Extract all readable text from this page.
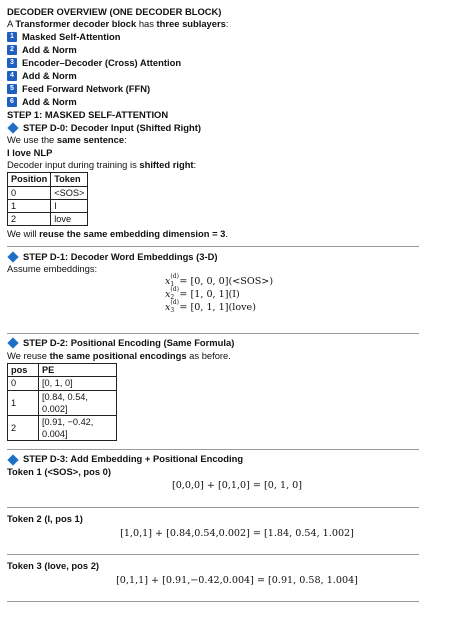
DECODER OVERVIEW (ONE DECODER BLOCK)
A Transformer decoder block has three sublayers:
1 Masked Self-Attention
2 Add & Norm
3 Encoder–Decoder (Cross) Attention
4 Add & Norm
5 Feed Forward Network (FFN)
6 Add & Norm
STEP 1: MASKED SELF-ATTENTION
STEP D-0: Decoder Input (Shifted Right)
We use the same sentence:
I love NLP
Decoder input during training is shifted right:
Position	Token
0	<SOS>
1	I
2	love
We will reuse the same embedding dimension = 3.
STEP D-1: Decoder Word Embeddings (3-D)
Assume embeddings:
x (d)
1 = [0, 0, 0](<SOS>)
x (d)
2 = [1, 0, 1](I)
x (d)
3 = [0, 1, 1](love)
STEP D-2: Positional Encoding (Same Formula)
We reuse the same positional encodings as before.
pos	PE
0	[0, 1, 0]
1	[0.84, 0.54, 0.002]
2	[0.91, −0.42, 0.004]
STEP D-3: Add Embedding + Positional Encoding
Token 1 (<SOS>, pos 0)
[0,0,0] + [0,1,0] = [0, 1, 0]
Token 2 (I, pos 1)
[1,0,1] + [0.84,0.54,0.002] = [1.84, 0.54, 1.002]
Token 3 (love, pos 2)
[0,1,1] + [0.91,−0.42,0.004] = [0.91, 0.58, 1.004]
